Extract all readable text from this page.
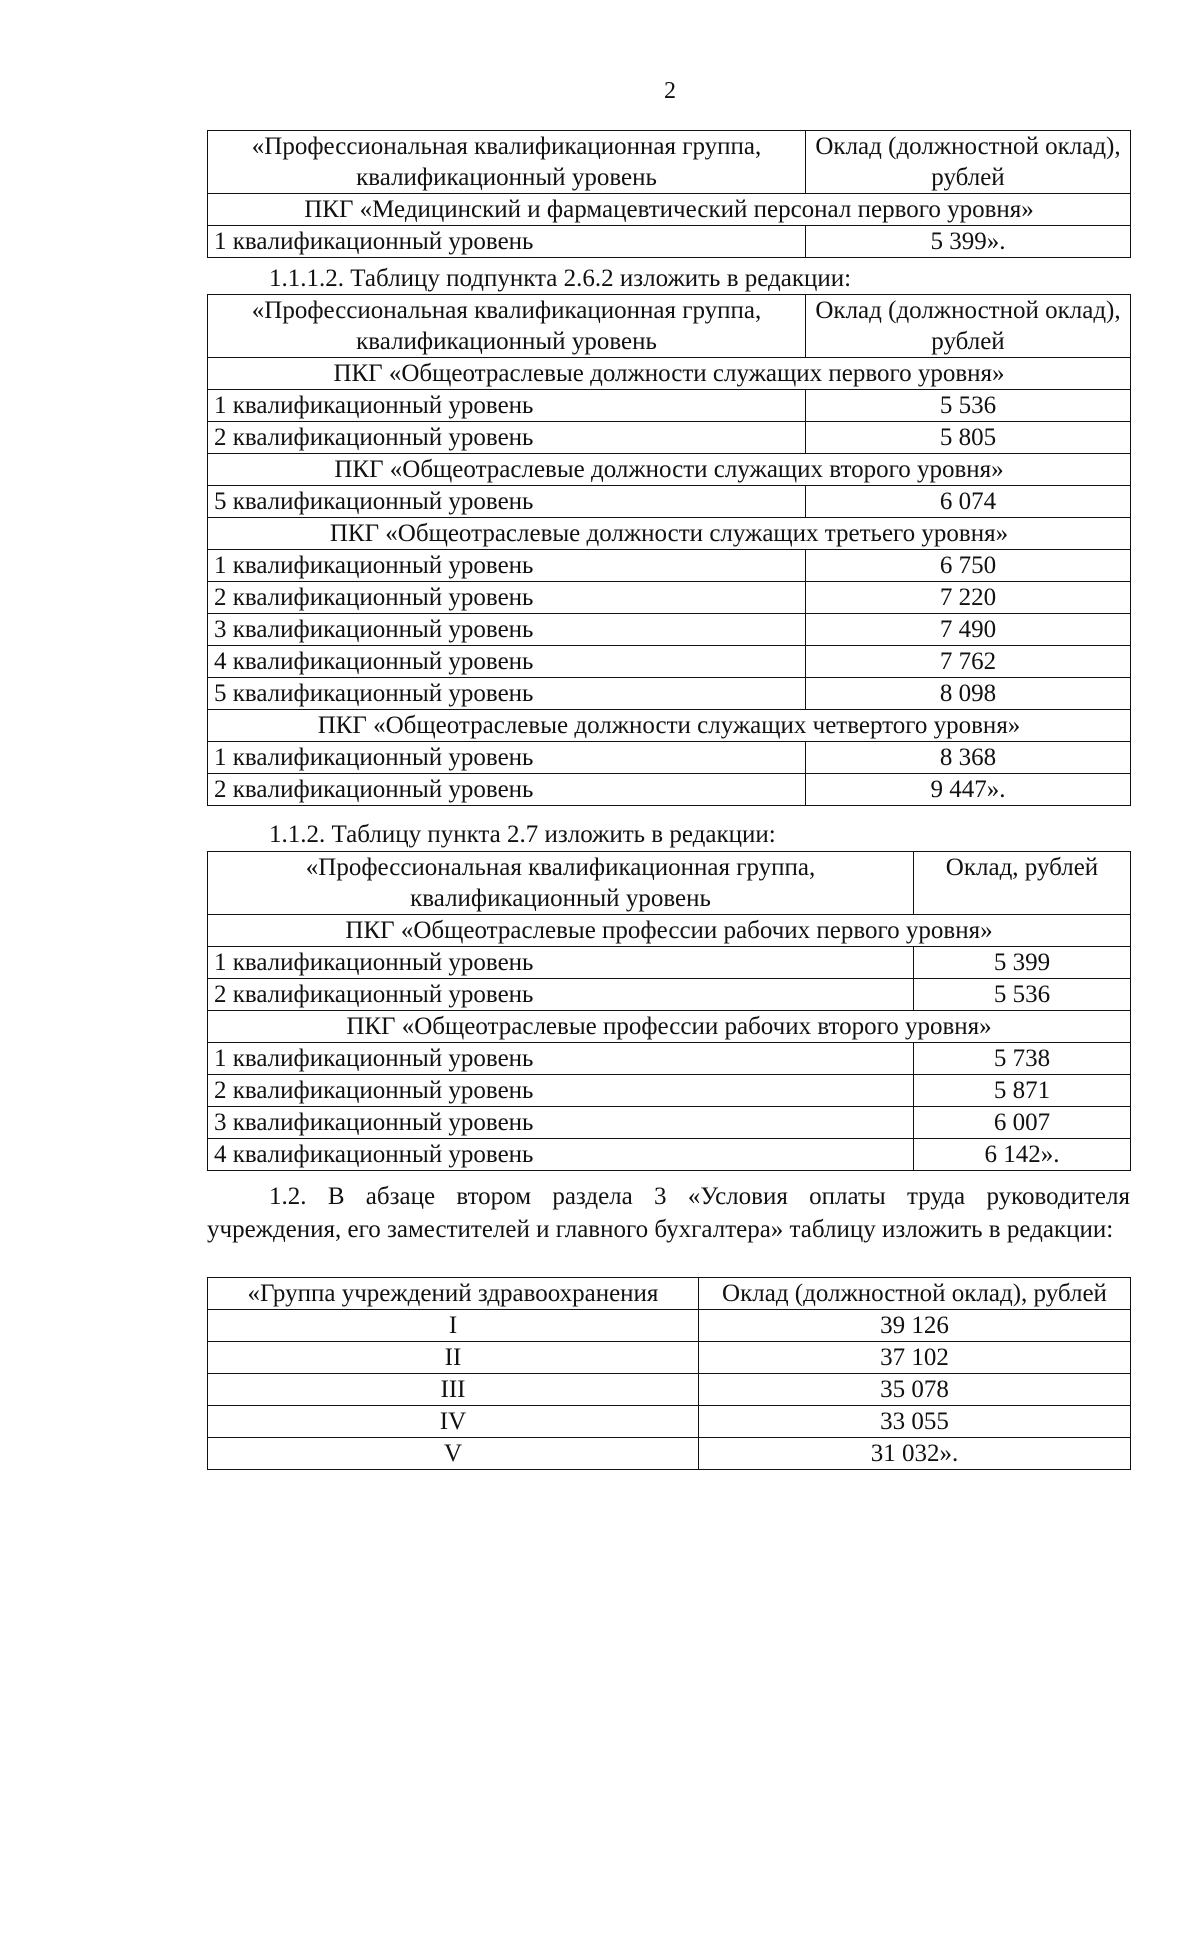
2
«Профессиональная квалификационная группа, квалификационный уровень	Оклад (должностной оклад), рублей
ПКГ «Медицинский и фармацевтический персонал первого уровня»	
1 квалификационный уровень	5 399».
1.1.1.2. Таблицу подпункта 2.6.2 изложить в редакции:
«Профессиональная квалификационная группа, квалификационный уровень	Оклад (должностной оклад), рублей
ПКГ «Общеотраслевые должности служащих первого уровня»	
1 квалификационный уровень	5 536
2 квалификационный уровень	5 805
ПКГ «Общеотраслевые должности служащих второго уровня»	
5 квалификационный уровень	6 074
ПКГ «Общеотраслевые должности служащих третьего уровня»	
1 квалификационный уровень	6 750
2 квалификационный уровень	7 220
3 квалификационный уровень	7 490
4 квалификационный уровень	7 762
5 квалификационный уровень	8 098
ПКГ «Общеотраслевые должности служащих четвертого уровня»	
1 квалификационный уровень	8 368
2 квалификационный уровень	9 447».
1.1.2. Таблицу пункта 2.7 изложить в редакции:
«Профессиональная квалификационная группа, квалификационный уровень	Оклад, рублей
ПКГ «Общеотраслевые профессии рабочих первого уровня»	
1 квалификационный уровень	5 399
2 квалификационный уровень	5 536
ПКГ «Общеотраслевые профессии рабочих второго уровня»	
1 квалификационный уровень	5 738
2 квалификационный уровень	5 871
3 квалификационный уровень	6 007
4 квалификационный уровень	6 142».
1.2. В абзаце втором раздела 3 «Условия оплаты труда руководителя учреждения, его заместителей и главного бухгалтера» таблицу изложить в редакции:
«Группа учреждений здравоохранения	Оклад (должностной оклад), рублей
I	39 126
II	37 102
III	35 078
IV	33 055
V	31 032».
